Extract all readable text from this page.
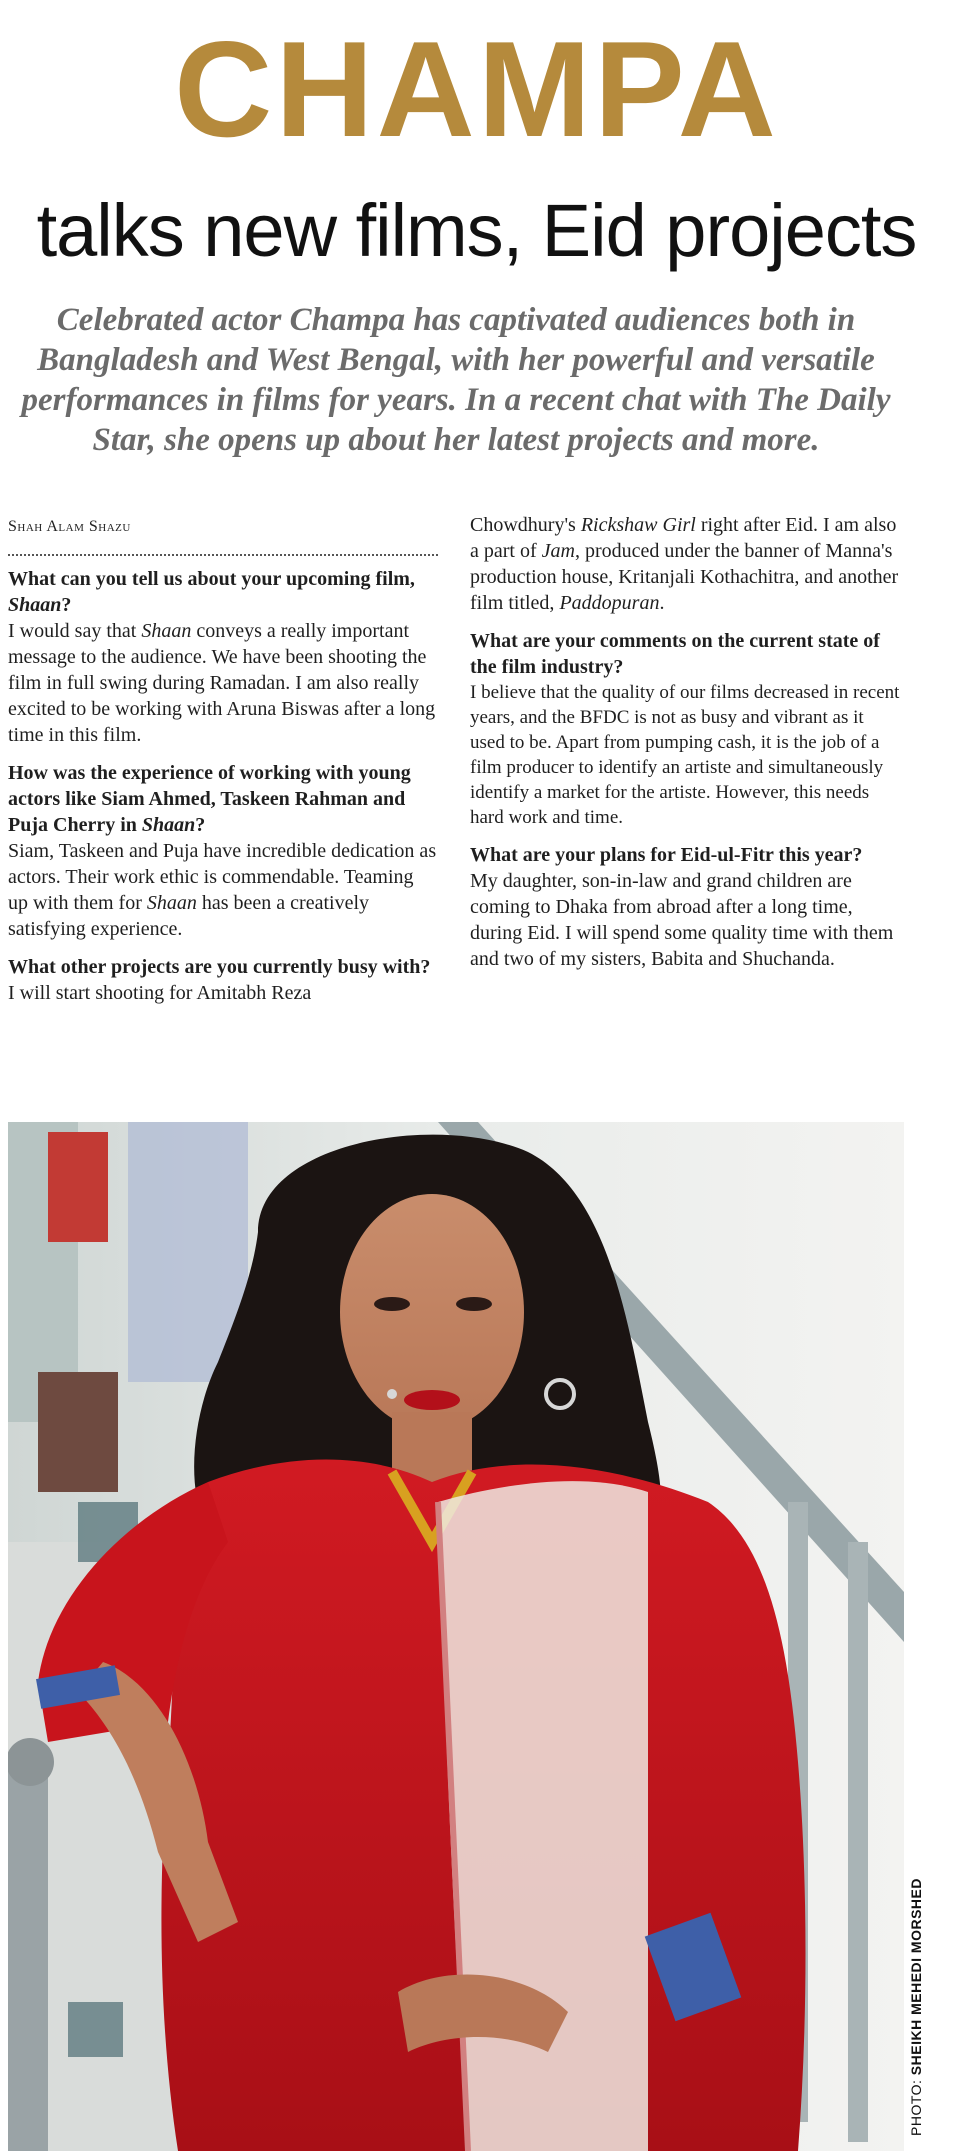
CHAMPA
talks new films, Eid projects
Celebrated actor Champa has captivated audiences both in Bangladesh and West Bengal, with her powerful and versatile performances in films for years. In a recent chat with The Daily Star, she opens up about her latest projects and more.
Shah Alam Shazu

What can you tell us about your upcoming film, Shaan?

I would say that Shaan conveys a really important message to the audience. We have been shooting the film in full swing during Ramadan. I am also really excited to be working with Aruna Biswas after a long time in this film.

How was the experience of working with young actors like Siam Ahmed, Taskeen Rahman and Puja Cherry in Shaan?

Siam, Taskeen and Puja have incredible dedication as actors. Their work ethic is commendable. Teaming up with them for Shaan has been a creatively satisfying experience.

What other projects are you currently busy with?

I will start shooting for Amitabh Reza

Chowdhury's Rickshaw Girl right after Eid. I am also a part of Jam, produced under the banner of Manna's production house, Kritanjali Kothachitra, and another film titled, Paddopuran.

What are your comments on the current state of the film industry?

I believe that the quality of our films decreased in recent years, and the BFDC is not as busy and vibrant as it used to be. Apart from pumping cash, it is the job of a film producer to identify an artiste and simultaneously identify a market for the artiste. However, this needs hard work and time.

What are your plans for Eid-ul-Fitr this year?

My daughter, son-in-law and grand children are coming to Dhaka from abroad after a long time, during Eid. I will spend some quality time with them and two of my sisters, Babita and Shuchanda.

PHOTO: SHEIKH MEHEDI MORSHED
